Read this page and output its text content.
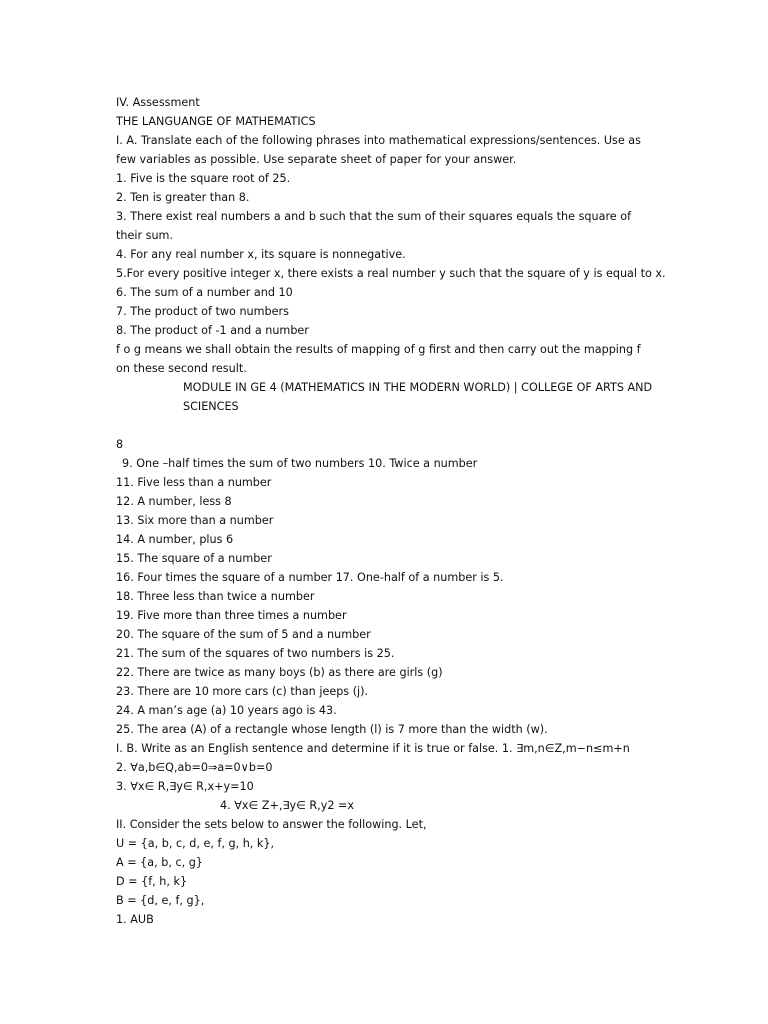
IV. Assessment
THE LANGUANGE OF MATHEMATICS
I. A. Translate each of the following phrases into mathematical expressions/sentences. Use as few variables as possible. Use separate sheet of paper for your answer.
1. Five is the square root of 25.
2. Ten is greater than 8.
3. There exist real numbers a and b such that the sum of their squares equals the square of their sum.
4. For any real number x, its square is nonnegative.
5.For every positive integer x, there exists a real number y such that the square of y is equal to x.
6. The sum of a number and 10
7. The product of two numbers
8. The product of -1 and a number
f o g means we shall obtain the results of mapping of g first and then carry out the mapping f on these second result.
MODULE IN GE 4 (MATHEMATICS IN THE MODERN WORLD) | COLLEGE OF ARTS AND SCIENCES
8
9. One –half times the sum of two numbers 10. Twice a number
11. Five less than a number
12. A number, less 8
13. Six more than a number
14. A number, plus 6
15. The square of a number
16. Four times the square of a number 17. One-half of a number is 5.
18. Three less than twice a number
19. Five more than three times a number
20. The square of the sum of 5 and a number
21. The sum of the squares of two numbers is 25.
22. There are twice as many boys (b) as there are girls (g)
23. There are 10 more cars (c) than jeeps (j).
24. A man’s age (a) 10 years ago is 43.
25. The area (A) of a rectangle whose length (l) is 7 more than the width (w).
I. B. Write as an English sentence and determine if it is true or false. 1. ∃m,n∈Z,m−n≤m+n
2. ∀a,b∈Q,ab=0⇒a=0∨b=0
3. ∀x∈ R,∃y∈ R,x+y=10
4. ∀x∈ Z+,∃y∈ R,y2 =x
II. Consider the sets below to answer the following. Let,
U = {a, b, c, d, e, f, g, h, k},
A = {a, b, c, g}
D = {f, h, k}
B = {d, e, f, g},
1. AUB
